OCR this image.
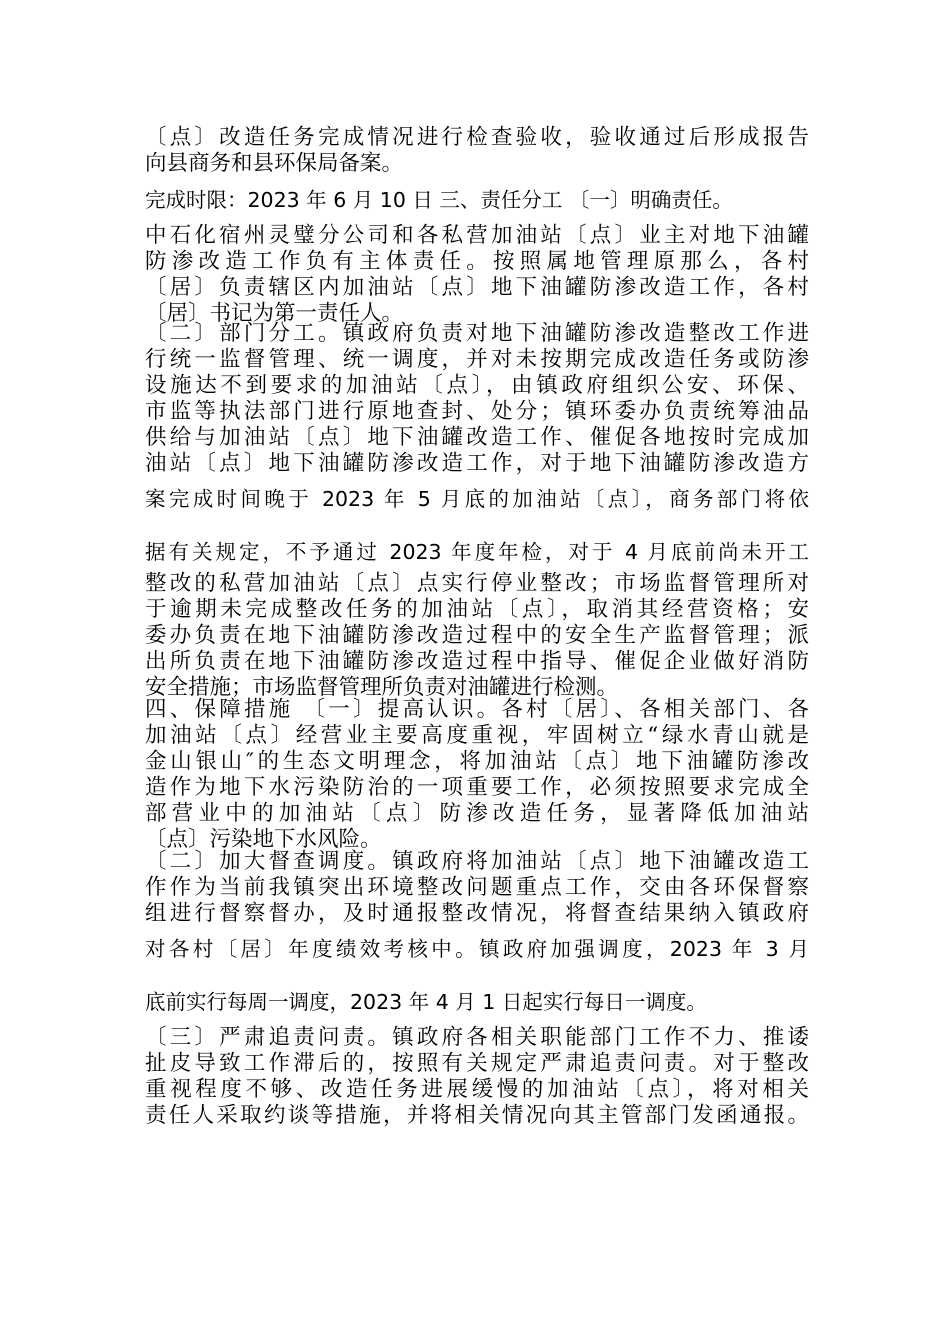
〔点〕改造任务完成情况进行检查验收，验收通过后形成报告
向县商务和县环保局备案。
完成时限：2023 年 6 月 10 日 三、责任分工 〔一〕明确责任。
中石化宿州灵璧分公司和各私营加油站〔点〕业主对地下油罐
防渗改造工作负有主体责任。按照属地管理原那么，各村
〔居〕负责辖区内加油站〔点〕地下油罐防渗改造工作，各村
〔居〕书记为第一责任人。
〔二〕部门分工。镇政府负责对地下油罐防渗改造整改工作进
行统一监督管理、统一调度，并对未按期完成改造任务或防渗
设施达不到要求的加油站〔点〕，由镇政府组织公安、环保、
市监等执法部门进行原地查封、处分；镇环委办负责统筹油品
供给与加油站〔点〕地下油罐改造工作、催促各地按时完成加
油站〔点〕地下油罐防渗改造工作，对于地下油罐防渗改造方
案完成时间晚于 2023 年 5 月底的加油站〔点〕，商务部门将依
据有关规定，不予通过 2023 年度年检，对于 4 月底前尚未开工
整改的私营加油站〔点〕点实行停业整改；市场监督管理所对
于逾期未完成整改任务的加油站〔点〕，取消其经营资格；安
委办负责在地下油罐防渗改造过程中的安全生产监督管理；派
出所负责在地下油罐防渗改造过程中指导、催促企业做好消防
安全措施；市场监督管理所负责对油罐进行检测。
四、保障措施 〔一〕提高认识。各村〔居〕、各相关部门、各
加油站〔点〕经营业主要高度重视，牢固树立“绿水青山就是
金山银山″的生态文明理念，将加油站〔点〕地下油罐防渗改
造作为地下水污染防治的一项重要工作，必须按照要求完成全
部营业中的加油站〔点〕防渗改造任务，显著降低加油站
〔点〕污染地下水风险。
〔二〕加大督查调度。镇政府将加油站〔点〕地下油罐改造工
作作为当前我镇突出环境整改问题重点工作，交由各环保督察
组进行督察督办，及时通报整改情况，将督查结果纳入镇政府
对各村〔居〕年度绩效考核中。镇政府加强调度，2023 年 3 月
底前实行每周一调度，2023 年 4 月 1 日起实行每日一调度。
〔三〕严肃追责问责。镇政府各相关职能部门工作不力、推诿
扯皮导致工作滞后的，按照有关规定严肃追责问责。对于整改
重视程度不够、改造任务进展缓慢的加油站〔点〕，将对相关
责任人采取约谈等措施，并将相关情况向其主管部门发函通报。
